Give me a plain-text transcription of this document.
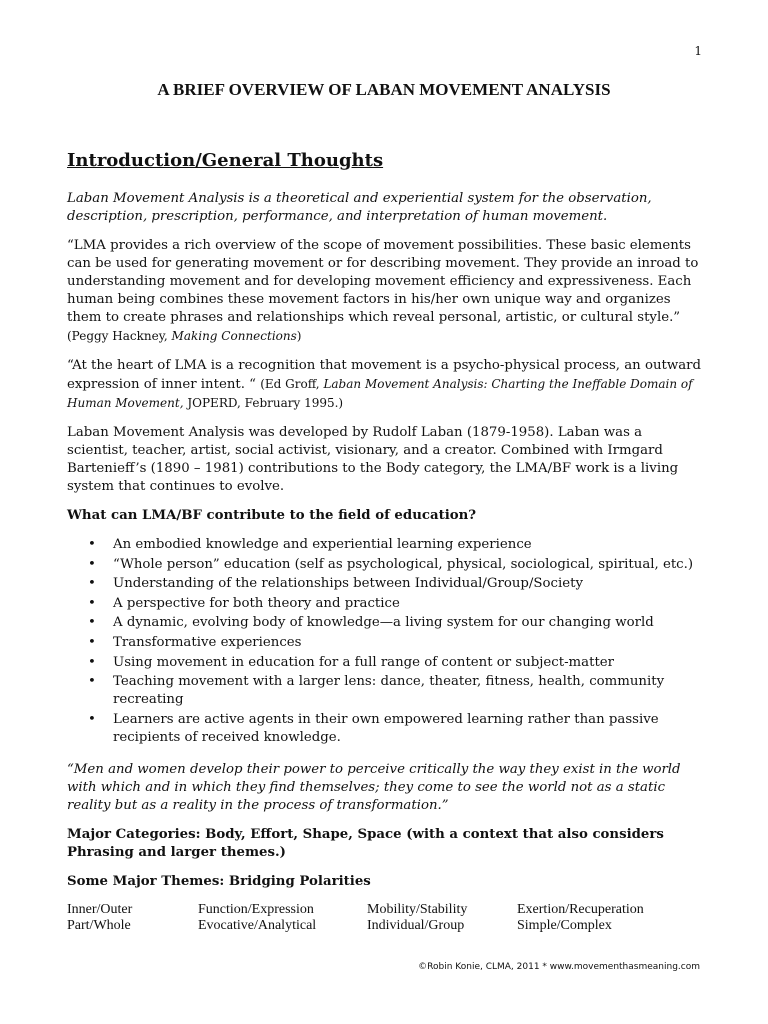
1
A BRIEF OVERVIEW OF LABAN MOVEMENT ANALYSIS
Introduction/General Thoughts

Laban Movement Analysis is a theoretical and experiential system for the observation, description, prescription, performance, and interpretation of human movement.

“LMA provides a rich overview of the scope of movement possibilities. These basic elements can be used for generating movement or for describing movement. They provide an inroad to understanding movement and for developing movement efficiency and expressiveness. Each human being combines these movement factors in his/her own unique way and organizes them to create phrases and relationships which reveal personal, artistic, or cultural style.” (Peggy Hackney, Making Connections)

“At the heart of LMA is a recognition that movement is a psycho-physical process, an outward expression of inner intent. “ (Ed Groff, Laban Movement Analysis: Charting the Ineffable Domain of Human Movement, JOPERD, February 1995.)

Laban Movement Analysis was developed by Rudolf Laban (1879-1958). Laban was a scientist, teacher, artist, social activist, visionary, and a creator. Combined with Irmgard Bartenieff’s (1890 – 1981) contributions to the Body category, the LMA/BF work is a living system that continues to evolve.

What can LMA/BF contribute to the field of education?

• An embodied knowledge and experiential learning experience
• “Whole person” education (self as psychological, physical, sociological, spiritual, etc.)
• Understanding of the relationships between Individual/Group/Society
• A perspective for both theory and practice
• A dynamic, evolving body of knowledge—a living system for our changing world
• Transformative experiences
• Using movement in education for a full range of content or subject-matter
• Teaching movement with a larger lens: dance, theater, fitness, health, community recreating
• Learners are active agents in their own empowered learning rather than passive recipients of received knowledge.

“Men and women develop their power to perceive critically the way they exist in the world with which and in which they find themselves; they come to see the world not as a static reality but as a reality in the process of transformation.”

Major Categories: Body, Effort, Shape, Space (with a context that also considers Phrasing and larger themes.)

Some Major Themes: Bridging Polarities

Inner/Outer	Function/Expression	Mobility/Stability	Exertion/Recuperation
Part/Whole	Evocative/Analytical	Individual/Group	Simple/Complex
©Robin Konie, CLMA, 2011 * www.movementhasmeaning.com
